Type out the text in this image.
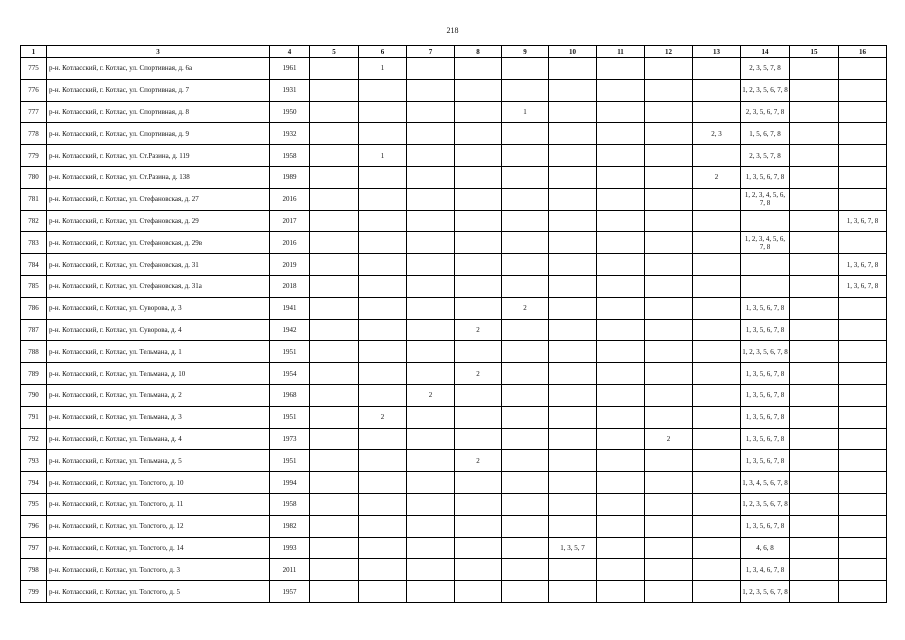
218
1	3	4	5	6	7	8	9	10	11	12	13	14	15	16
775	р-н. Котласский, г. Котлас, ул. Спортивная, д. 6а	1961		1								2, 3, 5, 7, 8		
776	р-н. Котласский, г. Котлас, ул. Спортивная, д. 7	1931										1, 2, 3, 5, 6, 7, 8		
777	р-н. Котласский, г. Котлас, ул. Спортивная, д. 8	1950					1					2, 3, 5, 6, 7, 8		
778	р-н. Котласский, г. Котлас, ул. Спортивная, д. 9	1932									2, 3	1, 5, 6, 7, 8		
779	р-н. Котласский, г. Котлас, ул. Ст.Разина, д. 119	1958		1								2, 3, 5, 7, 8		
780	р-н. Котласский, г. Котлас, ул. Ст.Разина, д. 138	1989									2	1, 3, 5, 6, 7, 8		
781	р-н. Котласский, г. Котлас, ул. Стефановская, д. 27	2016										1, 2, 3, 4, 5, 6, 7, 8		
782	р-н. Котласский, г. Котлас, ул. Стефановская, д. 29	2017												1, 3, 6, 7, 8
783	р-н. Котласский, г. Котлас, ул. Стефановская, д. 29в	2016										1, 2, 3, 4, 5, 6, 7, 8		
784	р-н. Котласский, г. Котлас, ул. Стефановская, д. 31	2019												1, 3, 6, 7, 8
785	р-н. Котласский, г. Котлас, ул. Стефановская, д. 31а	2018												1, 3, 6, 7, 8
786	р-н. Котласский, г. Котлас, ул. Суворова, д. 3	1941					2					1, 3, 5, 6, 7, 8		
787	р-н. Котласский, г. Котлас, ул. Суворова, д. 4	1942				2						1, 3, 5, 6, 7, 8		
788	р-н. Котласский, г. Котлас, ул. Тельмана, д. 1	1951										1, 2, 3, 5, 6, 7, 8		
789	р-н. Котласский, г. Котлас, ул. Тельмана, д. 10	1954				2						1, 3, 5, 6, 7, 8		
790	р-н. Котласский, г. Котлас, ул. Тельмана, д. 2	1968			2							1, 3, 5, 6, 7, 8		
791	р-н. Котласский, г. Котлас, ул. Тельмана, д. 3	1951		2								1, 3, 5, 6, 7, 8		
792	р-н. Котласский, г. Котлас, ул. Тельмана, д. 4	1973								2		1, 3, 5, 6, 7, 8		
793	р-н. Котласский, г. Котлас, ул. Тельмана, д. 5	1951				2						1, 3, 5, 6, 7, 8		
794	р-н. Котласский, г. Котлас, ул. Толстого, д. 10	1994										1, 3, 4, 5, 6, 7, 8		
795	р-н. Котласский, г. Котлас, ул. Толстого, д. 11	1958										1, 2, 3, 5, 6, 7, 8		
796	р-н. Котласский, г. Котлас, ул. Толстого, д. 12	1982										1, 3, 5, 6, 7, 8		
797	р-н. Котласский, г. Котлас, ул. Толстого, д. 14	1993						1, 3, 5, 7				4, 6, 8		
798	р-н. Котласский, г. Котлас, ул. Толстого, д. 3	2011										1, 3, 4, 6, 7, 8		
799	р-н. Котласский, г. Котлас, ул. Толстого, д. 5	1957										1, 2, 3, 5, 6, 7, 8		
